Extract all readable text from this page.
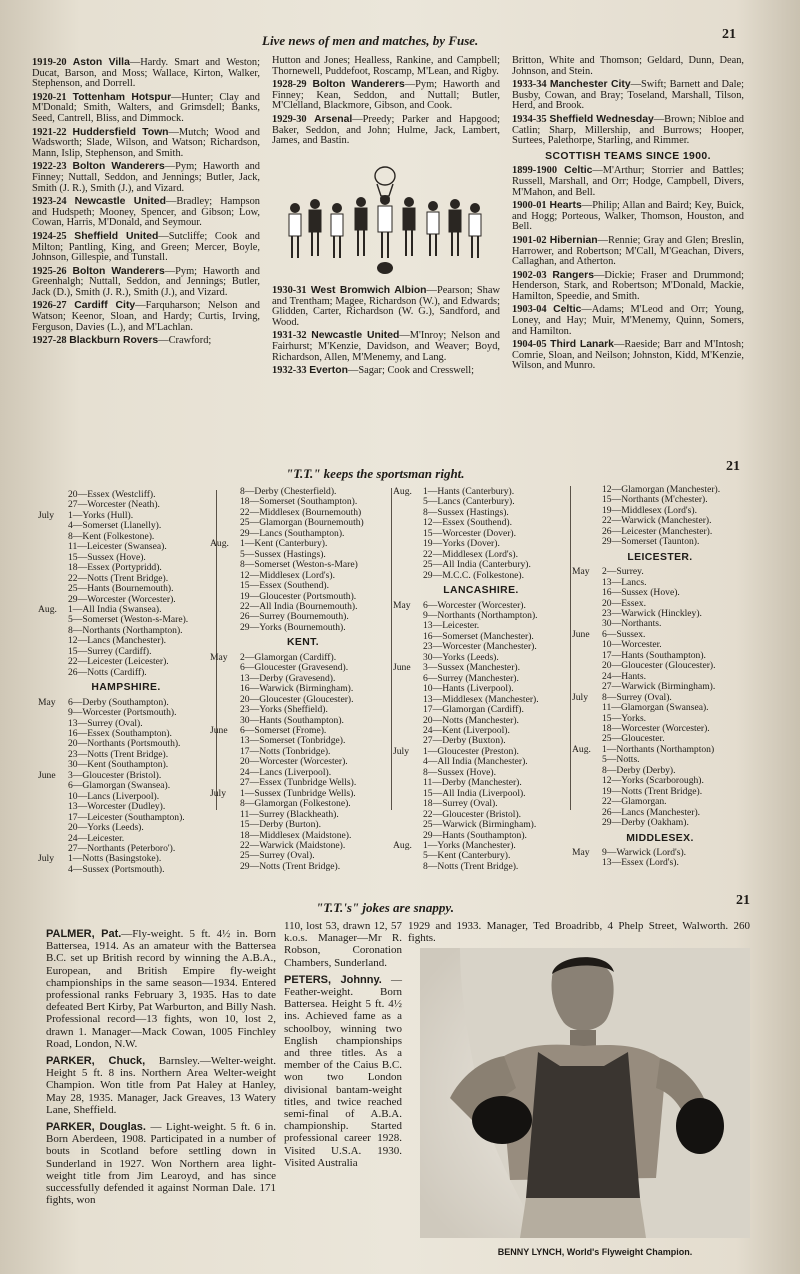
Live news of men and matches, by Fuse.	21

1919-20 Aston Villa—Hardy. Smart and Weston; Ducat, Barson, and Moss; Wallace, Kirton, Walker, Stephenson, and Dorrell.

1920-21 Tottenham Hotspur—Hunter; Clay and M'Donald; Smith, Walters, and Grimsdell; Banks, Seed, Cantrell, Bliss, and Dimmock.

1921-22 Huddersfield Town—Mutch; Wood and Wadsworth; Slade, Wilson, and Watson; Richardson, Mann, Islip, Stephenson, and Smith.

1922-23 Bolton Wanderers—Pym; Haworth and Finney; Nuttall, Seddon, and Jennings; Butler, Jack, Smith (J. R.), Smith (J.), and Vizard.

1923-24 Newcastle United—Bradley; Hampson and Hudspeth; Mooney, Spencer, and Gibson; Low, Cowan, Harris, M'Donald, and Seymour.

1924-25 Sheffield United—Sutcliffe; Cook and Milton; Pantling, King, and Green; Mercer, Boyle, Johnson, Gillespie, and Tunstall.

1925-26 Bolton Wanderers—Pym; Haworth and Greenhalgh; Nuttall, Seddon, and Jennings; Butler, Jack (D.), Smith (J. R.), Smith (J.), and Vizard.

1926-27 Cardiff City—Farquharson; Nelson and Watson; Keenor, Sloan, and Hardy; Curtis, Irving, Ferguson, Davies (L.), and M'Lachlan.

1927-28 Blackburn Rovers—Crawford;

Hutton and Jones; Healless, Rankine, and Campbell; Thornewell, Puddefoot, Roscamp, M'Lean, and Rigby.

1928-29 Bolton Wanderers—Pym; Haworth and Finney; Kean, Seddon, and Nuttall; Butler, M'Clelland, Blackmore, Gibson, and Cook.

1929-30 Arsenal—Preedy; Parker and Hapgood; Baker, Seddon, and John; Hulme, Jack, Lambert, James, and Bastin.

1930-31 West Bromwich Albion—Pearson; Shaw and Trentham; Magee, Richardson (W.), and Edwards; Glidden, Carter, Richardson (W. G.), Sandford, and Wood.

1931-32 Newcastle United—M'Inroy; Nelson and Fairhurst; M'Kenzie, Davidson, and Weaver; Boyd, Richardson, Allen, M'Menemy, and Lang.

1932-33 Everton—Sagar; Cook and Cresswell;

Britton, White and Thomson; Geldard, Dunn, Dean, Johnson, and Stein.

1933-34 Manchester City—Swift; Barnett and Dale; Busby, Cowan, and Bray; Toseland, Marshall, Tilson, Herd, and Brook.

1934-35 Sheffield Wednesday—Brown; Nibloe and Catlin; Sharp, Millership, and Burrows; Hooper, Surtees, Palethorpe, Starling, and Rimmer.

SCOTTISH TEAMS SINCE 1900.

1899-1900 Celtic—M'Arthur; Storrier and Battles; Russell, Marshall, and Orr; Hodge, Campbell, Divers, M'Mahon, and Bell.

1900-01 Hearts—Philip; Allan and Baird; Key, Buick, and Hogg; Porteous, Walker, Thomson, Houston, and Bell.

1901-02 Hibernian—Rennie; Gray and Glen; Breslin, Harrower, and Robertson; M'Call, M'Geachan, Divers, Callaghan, and Atherton.

1902-03 Rangers—Dickie; Fraser and Drummond; Henderson, Stark, and Robertson; M'Donald, Mackie, Hamilton, Speedie, and Smith.

1903-04 Celtic—Adams; M'Leod and Orr; Young, Loney, and Hay; Muir, M'Menemy, Quinn, Somers, and Hamilton.

1904-05 Third Lanark—Raeside; Barr and M'Intosh; Comrie, Sloan, and Neilson; Johnston, Kidd, M'Kenzie, Wilson, and Munro.

"T.T." keeps the sportsman right.	21
20—Essex (Westcliff).
27—Worcester (Neath).
July 1—Yorks (Hull).
4—Somerset (Llanelly).
8—Kent (Folkestone).
11—Leicester (Swansea).
15—Sussex (Hove).
18—Essex (Portypridd).
22—Notts (Trent Bridge).
25—Hants (Bournemouth).
29—Worcester (Worcester).
Aug. 1—All India (Swansea).
5—Somerset (Weston-s-Mare).
8—Northants (Northampton).
12—Lancs (Manchester).
15—Surrey (Cardiff).
22—Leicester (Leicester).
26—Notts (Cardiff).
HAMPSHIRE.
May 6—Derby (Southampton).
9—Worcester (Portsmouth).
13—Surrey (Oval).
16—Essex (Southampton).
20—Northants (Portsmouth).
23—Notts (Trent Bridge).
30—Kent (Southampton).
June 3—Gloucester (Bristol).
6—Glamorgan (Swansea).
10—Lancs (Liverpool).
13—Worcester (Dudley).
17—Leicester (Southampton).
20—Yorks (Leeds).
24—Leicester.
27—Northants (Peterboro').
July 1—Notts (Basingstoke).
4—Sussex (Portsmouth).
8—Derby (Chesterfield).
18—Somerset (Southampton).
22—Middlesex (Bournemouth)
25—Glamorgan (Bournemouth)
29—Lancs (Southampton).
Aug. 1—Kent (Canterbury).
5—Sussex (Hastings).
8—Somerset (Weston-s-Mare)
12—Middlesex (Lord's).
15—Essex (Southend).
19—Gloucester (Portsmouth).
22—All India (Bournemouth).
26—Surrey (Bournemouth).
29—Yorks (Bournemouth).
KENT.
May 2—Glamorgan (Cardiff).
6—Gloucester (Gravesend).
13—Derby (Gravesend).
16—Warwick (Birmingham).
20—Gloucester (Gloucester).
23—Yorks (Sheffield).
30—Hants (Southampton).
June 6—Somerset (Frome).
13—Somerset (Tonbridge).
17—Notts (Tonbridge).
20—Worcester (Worcester).
24—Lancs (Liverpool).
27—Essex (Tunbridge Wells).
July 1—Sussex (Tunbridge Wells).
8—Glamorgan (Folkestone).
11—Surrey (Blackheath).
15—Derby (Burton).
18—Middlesex (Maidstone).
22—Warwick (Maidstone).
25—Surrey (Oval).
29—Notts (Trent Bridge).
Aug. 1—Hants (Canterbury).
5—Lancs (Canterbury).
8—Sussex (Hastings).
12—Essex (Southend).
15—Worcester (Dover).
19—Yorks (Dover).
22—Middlesex (Lord's).
25—All India (Canterbury).
29—M.C.C. (Folkestone).
LANCASHIRE.
May 6—Worcester (Worcester).
9—Northants (Northampton).
13—Leicester.
16—Somerset (Manchester).
23—Worcester (Manchester).
30—Yorks (Leeds).
June 3—Sussex (Manchester).
6—Surrey (Manchester).
10—Hants (Liverpool).
13—Middlesex (Manchester).
17—Glamorgan (Cardiff).
20—Notts (Manchester).
24—Kent (Liverpool).
27—Derby (Buxton).
July 1—Gloucester (Preston).
4—All India (Manchester).
8—Sussex (Hove).
11—Derby (Manchester).
15—All India (Liverpool).
18—Surrey (Oval).
22—Gloucester (Bristol).
25—Warwick (Birmingham).
29—Hants (Southampton).
Aug. 1—Yorks (Manchester).
5—Kent (Canterbury).
8—Notts (Trent Bridge).
12—Glamorgan (Manchester).
15—Northants (M'chester).
19—Middlesex (Lord's).
22—Warwick (Manchester).
26—Leicester (Manchester).
29—Somerset (Taunton).
LEICESTER.
May 2—Surrey.
13—Lancs.
16—Sussex (Hove).
20—Essex.
23—Warwick (Hinckley).
30—Northants.
June 6—Sussex.
10—Worcester.
17—Hants (Southampton).
20—Gloucester (Gloucester).
24—Hants.
27—Warwick (Birmingham).
July 8—Surrey (Oval).
11—Glamorgan (Swansea).
15—Yorks.
18—Worcester (Worcester).
25—Gloucester.
Aug. 1—Northants (Northampton)
5—Notts.
8—Derby (Derby).
12—Yorks (Scarborough).
19—Notts (Trent Bridge).
22—Glamorgan.
26—Lancs (Manchester).
29—Derby (Oakham).
MIDDLESEX.
May 9—Warwick (Lord's).
13—Essex (Lord's).
"T.T.'s" jokes are snappy.	21

PALMER, Pat.—Fly-weight. 5 ft. 4½ in. Born Battersea, 1914. As an amateur with the Battersea B.C. set up British record by winning the A.B.A., European, and British Empire fly-weight championships in the same season—1934. Entered professional ranks February 3, 1935. Has to date defeated Bert Kirby, Pat Warburton, and Billy Nash. Professional record—13 fights, won 10, lost 2, drawn 1. Manager—Mack Cowan, 1005 Finchley Road, London, N.W.

PARKER, Chuck, Barnsley.—Welter-weight. Height 5 ft. 8 ins. Northern Area Welter-weight Champion. Won title from Pat Haley at Hanley, May 28, 1935. Manager, Jack Greaves, 13 Watery Lane, Sheffield.

PARKER, Douglas. — Light-weight. 5 ft. 6 in. Born Aberdeen, 1908. Participated in a number of bouts in Scotland before settling down in Sunderland in 1927. Won Northern area light-weight title from Jim Learoyd, and has since successfully defended it against Norman Dale. 171 fights, won

110, lost 53, drawn 12, 57 k.o.s. Manager—Mr R. Robson, Coronation Chambers, Sunderland.

PETERS, Johnny. —Feather-weight. Born Battersea. Height 5 ft. 4½ ins. Achieved fame as a schoolboy, winning two English championships and three titles. As a member of the Caius B.C. won two London divisional bantam-weight titles, and twice reached semi-final of A.B.A. championship. Started professional career 1928. Visited U.S.A. 1930. Visited Australia

1929 and 1933. Manager, Ted Broadribb, 4 Phelp Street, Walworth. 260 fights.

BENNY LYNCH, World's Flyweight Champion.
